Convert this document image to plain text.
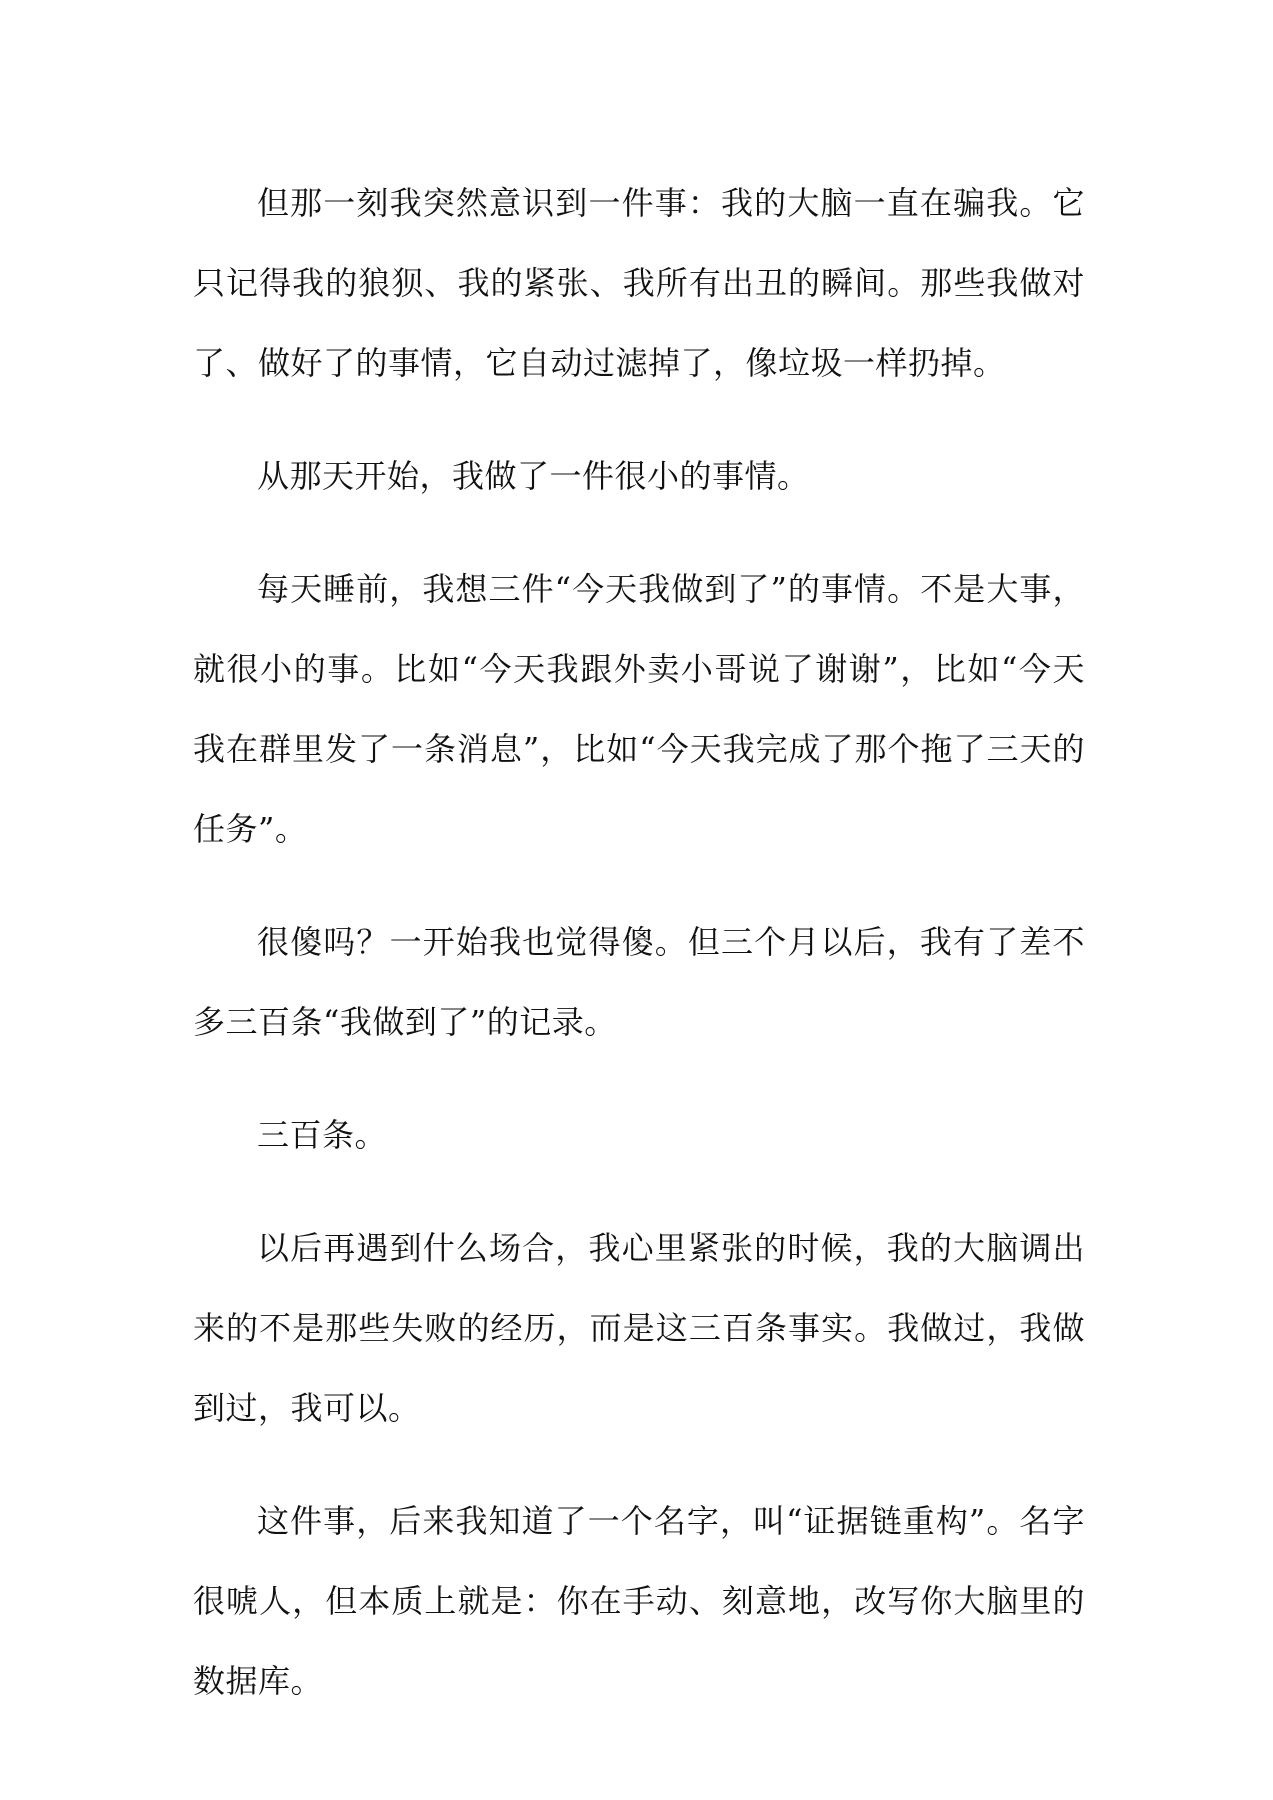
但那一刻我突然意识到一件事：我的大脑一直在骗我。它只记得我的狼狈、我的紧张、我所有出丑的瞬间。那些我做对了、做好了的事情，它自动过滤掉了，像垃圾一样扔掉。

从那天开始，我做了一件很小的事情。

每天睡前，我想三件“今天我做到了”的事情。不是大事，就很小的事。比如“今天我跟外卖小哥说了谢谢”，比如“今天我在群里发了一条消息”，比如“今天我完成了那个拖了三天的任务”。

很傻吗？一开始我也觉得傻。但三个月以后，我有了差不多三百条“我做到了”的记录。

三百条。

以后再遇到什么场合，我心里紧张的时候，我的大脑调出来的不是那些失败的经历，而是这三百条事实。我做过，我做到过，我可以。

这件事，后来我知道了一个名字，叫“证据链重构”。名字很唬人，但本质上就是：你在手动、刻意地，改写你大脑里的数据库。
